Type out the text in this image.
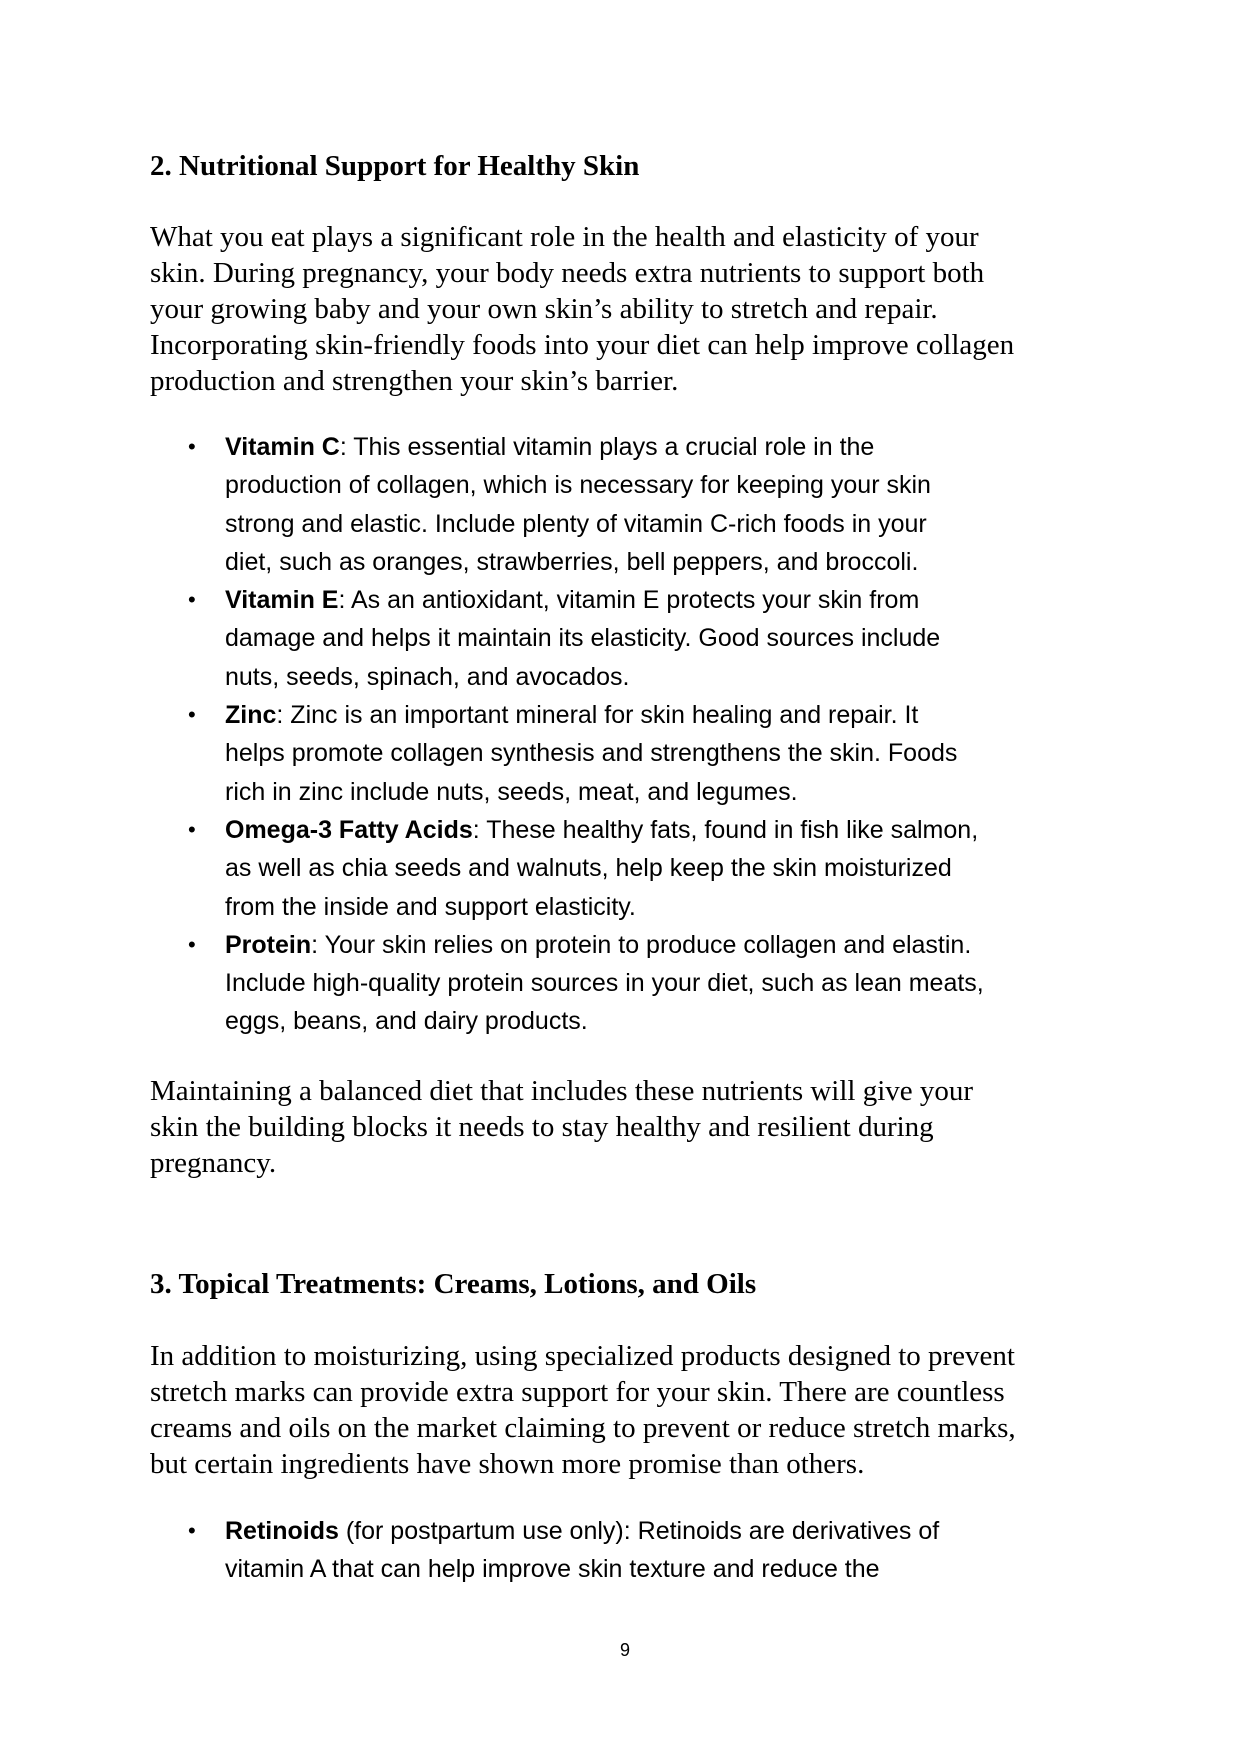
2. Nutritional Support for Healthy Skin
What you eat plays a significant role in the health and elasticity of your
skin. During pregnancy, your body needs extra nutrients to support both
your growing baby and your own skin’s ability to stretch and repair.
Incorporating skin-friendly foods into your diet can help improve collagen
production and strengthen your skin’s barrier.
• Vitamin C: This essential vitamin plays a crucial role in the
production of collagen, which is necessary for keeping your skin
strong and elastic. Include plenty of vitamin C-rich foods in your
diet, such as oranges, strawberries, bell peppers, and broccoli.
• Vitamin E: As an antioxidant, vitamin E protects your skin from
damage and helps it maintain its elasticity. Good sources include
nuts, seeds, spinach, and avocados.
• Zinc: Zinc is an important mineral for skin healing and repair. It
helps promote collagen synthesis and strengthens the skin. Foods
rich in zinc include nuts, seeds, meat, and legumes.
• Omega-3 Fatty Acids: These healthy fats, found in fish like salmon,
as well as chia seeds and walnuts, help keep the skin moisturized
from the inside and support elasticity.
• Protein: Your skin relies on protein to produce collagen and elastin.
Include high-quality protein sources in your diet, such as lean meats,
eggs, beans, and dairy products.
Maintaining a balanced diet that includes these nutrients will give your
skin the building blocks it needs to stay healthy and resilient during
pregnancy.
3. Topical Treatments: Creams, Lotions, and Oils
In addition to moisturizing, using specialized products designed to prevent
stretch marks can provide extra support for your skin. There are countless
creams and oils on the market claiming to prevent or reduce stretch marks,
but certain ingredients have shown more promise than others.
• Retinoids (for postpartum use only): Retinoids are derivatives of
vitamin A that can help improve skin texture and reduce the
9
